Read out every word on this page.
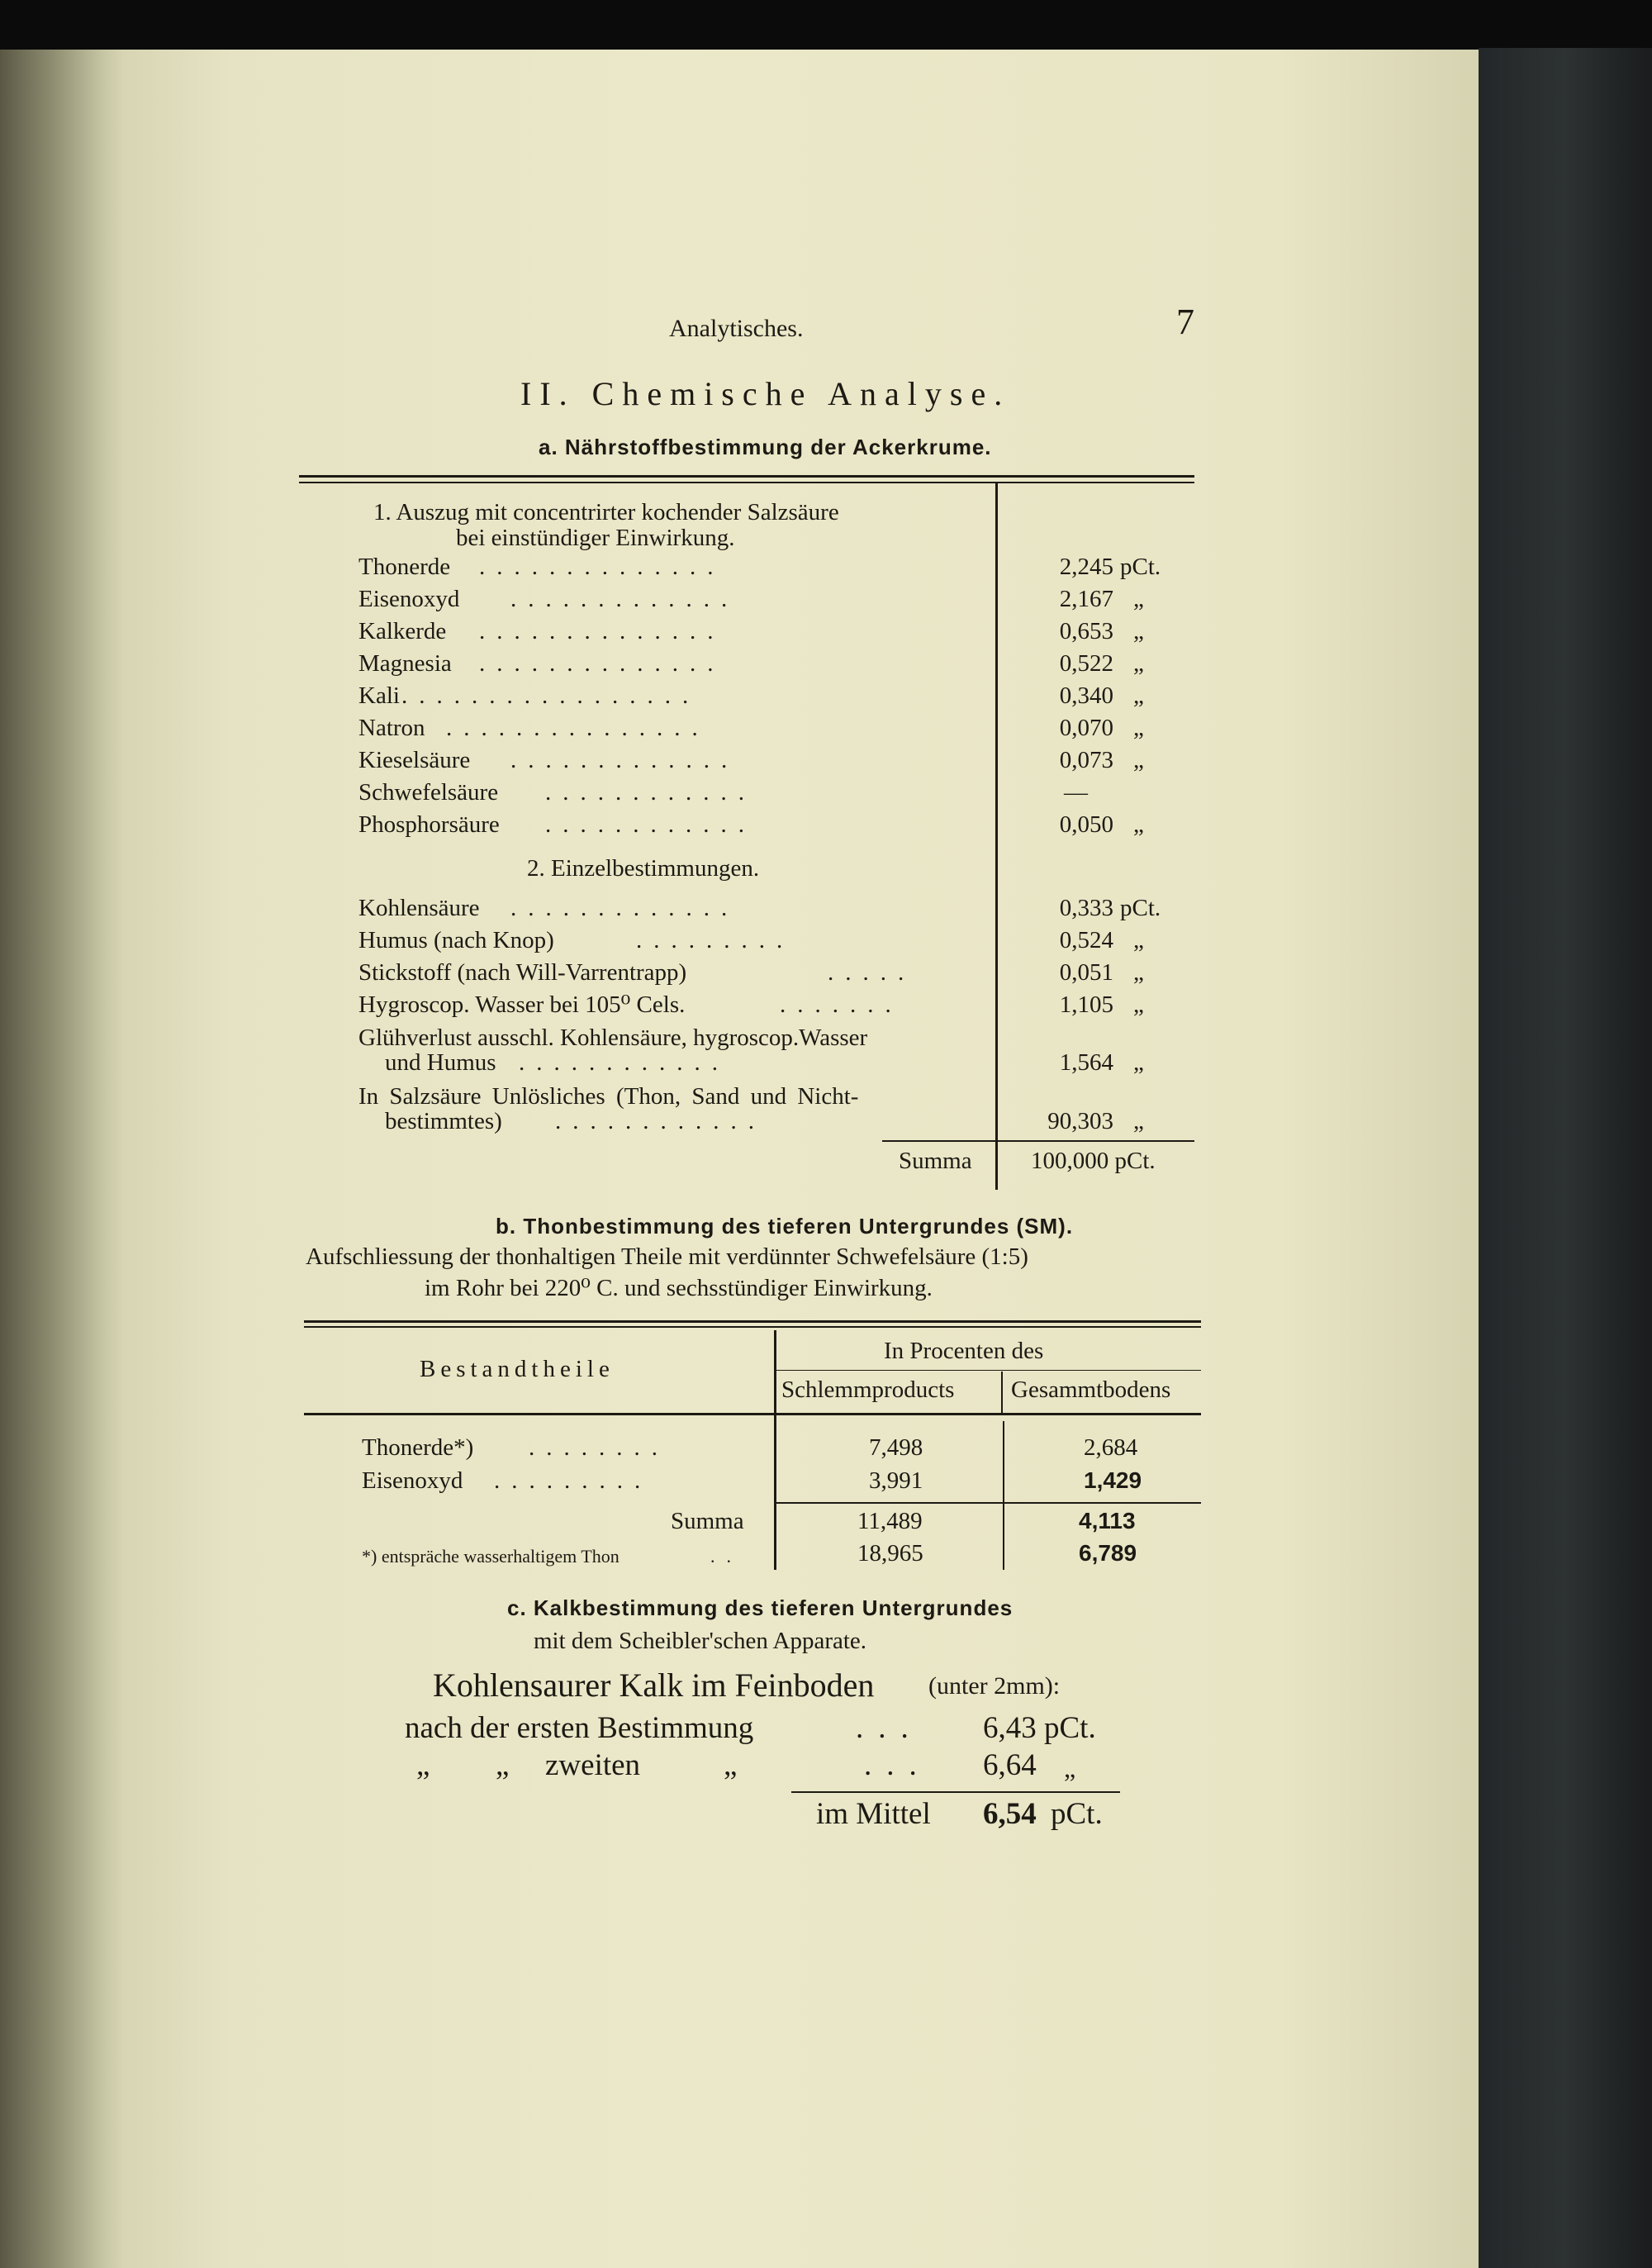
Analytisches.	7
II. Chemische Analyse.
a. Nährstoffbestimmung der Ackerkrume.
1. Auszug mit concentrirter kochender Salzsäure
bei einstündiger Einwirkung.
Thonerde ..............	2,245 pCt.
Eisenoxyd .............	2,167 „
Kalkerde ..............	0,653 „
Magnesia ..............	0,522 „
Kali .................	0,340 „
Natron ...............	0,070 „
Kieselsäure .............	0,073 „
Schwefelsäure ............	—
Phosphorsäure ............	0,050 „
2. Einzelbestimmungen.
Kohlensäure .............	0,333 pCt.
Humus (nach Knop)	.........	0,524 „
Stickstoff (nach Will-Varrentrapp)	.....	0,051 „
Hygroscop. Wasser bei 105⁰ Cels.	.......	1,105 „
Glühverlust ausschl. Kohlensäure, hygroscop.Wasser
und Humus ............	1,564 „
In Salzsäure Unlösliches (Thon, Sand und Nicht-
bestimmtes) ............	90,303 „
Summa 100,000 pCt.
b. Thonbestimmung des tieferen Untergrundes (SM).
Aufschliessung der thonhaltigen Theile mit verdünnter Schwefelsäure (1:5)
im Rohr bei 220⁰ C. und sechsstündiger Einwirkung.
Bestandtheile
In Procenten des
Schlemmproducts Gesammtbodens
Thonerde*) ........	7,498	2,684
Eisenoxyd .........	3,991	1,429
Summa	11,489	4,113
*) entspräche wasserhaltigem Thon	..	18,965	6,789
c. Kalkbestimmung des tieferen Untergrundes
mit dem Scheibler'schen Apparate.
Kohlensaurer Kalk im Feinboden (unter 2mm):
nach der ersten Bestimmung	... 6,43 pCt.
„ „ zweiten	„	... 6,64 „
im Mittel 6,54 pCt.
